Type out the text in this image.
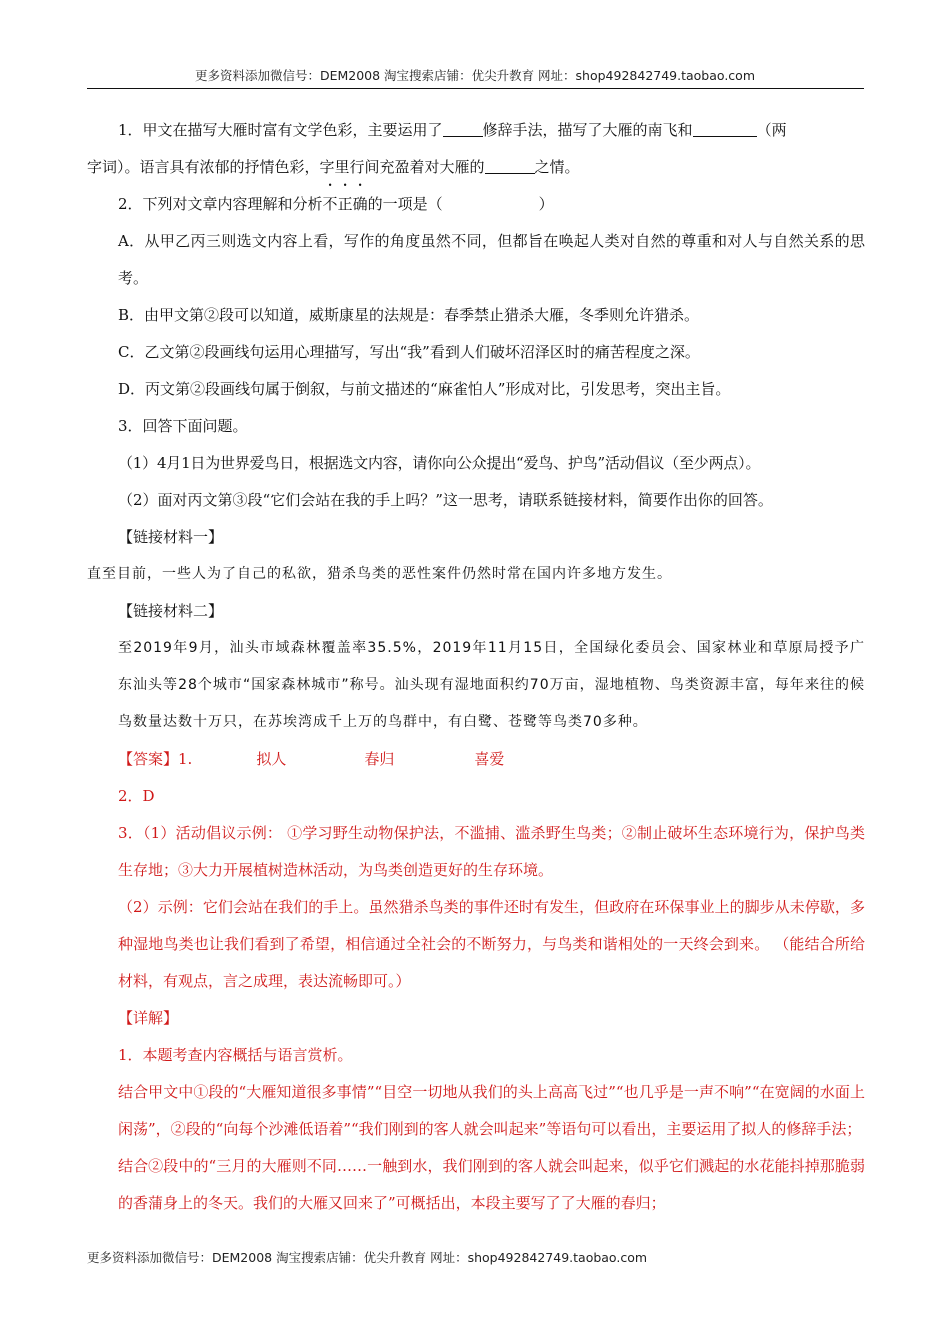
更多资料添加微信号：DEM2008 淘宝搜索店铺：优尖升教育 网址：shop492842749.taobao.com

1．甲文在描写大雁时富有文学色彩，主要运用了	修辞手法，描写了大雁的南飞和	（两

字词）。语言具有浓郁的抒情色彩，字里行间充盈着对大雁的	之情。

2．下列对文章内容理解和分析不正确的一项是（	）

A．从甲乙丙三则选文内容上看，写作的角度虽然不同，但都旨在唤起人类对自然的尊重和对人与自然关系的思考。

B．由甲文第②段可以知道，威斯康星的法规是：春季禁止猎杀大雁，冬季则允许猎杀。

C．乙文第②段画线句运用心理描写，写出“我”看到人们破坏沼泽区时的痛苦程度之深。

D．丙文第②段画线句属于倒叙，与前文描述的“麻雀怕人”形成对比，引发思考，突出主旨。

3．回答下面问题。

（1）4月1日为世界爱鸟日，根据选文内容，请你向公众提出“爱鸟、护鸟”活动倡议（至少两点）。

（2）面对丙文第③段“它们会站在我的手上吗？”这一思考，请联系链接材料，简要作出你的回答。

【链接材料一】

直至目前，一些人为了自己的私欲，猎杀鸟类的恶性案件仍然时常在国内许多地方发生。

【链接材料二】

至2019年9月，汕头市域森林覆盖率35.5%，2019年11月15日，全国绿化委员会、国家林业和草原局授予广东汕头等28个城市“国家森林城市”称号。汕头现有湿地面积约70万亩，湿地植物、鸟类资源丰富，每年来往的候鸟数量达数十万只，在苏埃湾成千上万的鸟群中，有白鹭、苍鹭等鸟类70多种。

【答案】1.	拟人	春归	喜爱

2．D

3．（1）活动倡议示例： ①学习野生动物保护法，不滥捕、滥杀野生鸟类；②制止破坏生态环境行为，保护鸟类生存地；③大力开展植树造林活动，为鸟类创造更好的生存环境。

（2）示例：它们会站在我们的手上。虽然猎杀鸟类的事件还时有发生，但政府在环保事业上的脚步从未停歇，多种湿地鸟类也让我们看到了希望，相信通过全社会的不断努力，与鸟类和谐相处的一天终会到来。 （能结合所给材料，有观点，言之成理，表达流畅即可。）

【详解】

1．本题考查内容概括与语言赏析。

结合甲文中①段的“大雁知道很多事情”“目空一切地从我们的头上高高飞过”“也几乎是一声不响”“在宽阔的水面上闲荡”，②段的“向每个沙滩低语着”“我们刚到的客人就会叫起来”等语句可以看出，主要运用了拟人的修辞手法；

结合②段中的“三月的大雁则不同……一触到水，我们刚到的客人就会叫起来，似乎它们溅起的水花能抖掉那脆弱的香蒲身上的冬天。我们的大雁又回来了”可概括出，本段主要写了了大雁的春归；

更多资料添加微信号：DEM2008 淘宝搜索店铺：优尖升教育 网址：shop492842749.taobao.com
